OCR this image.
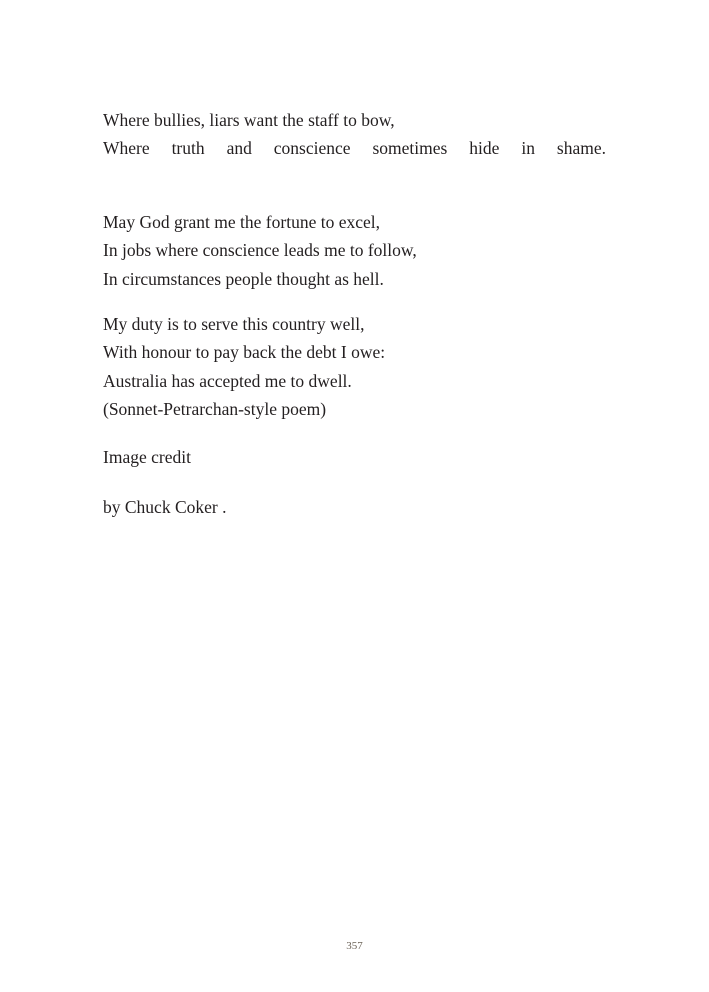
Where bullies, liars want the staff to bow,
Where truth and conscience sometimes hide in shame.
May God grant me the fortune to excel,
In jobs where conscience leads me to follow,
In circumstances people thought as hell.
My duty is to serve this country well,
With honour to pay back the debt I owe:
Australia has accepted me to dwell.
(Sonnet-Petrarchan-style poem)
Image credit
by Chuck Coker .
357
